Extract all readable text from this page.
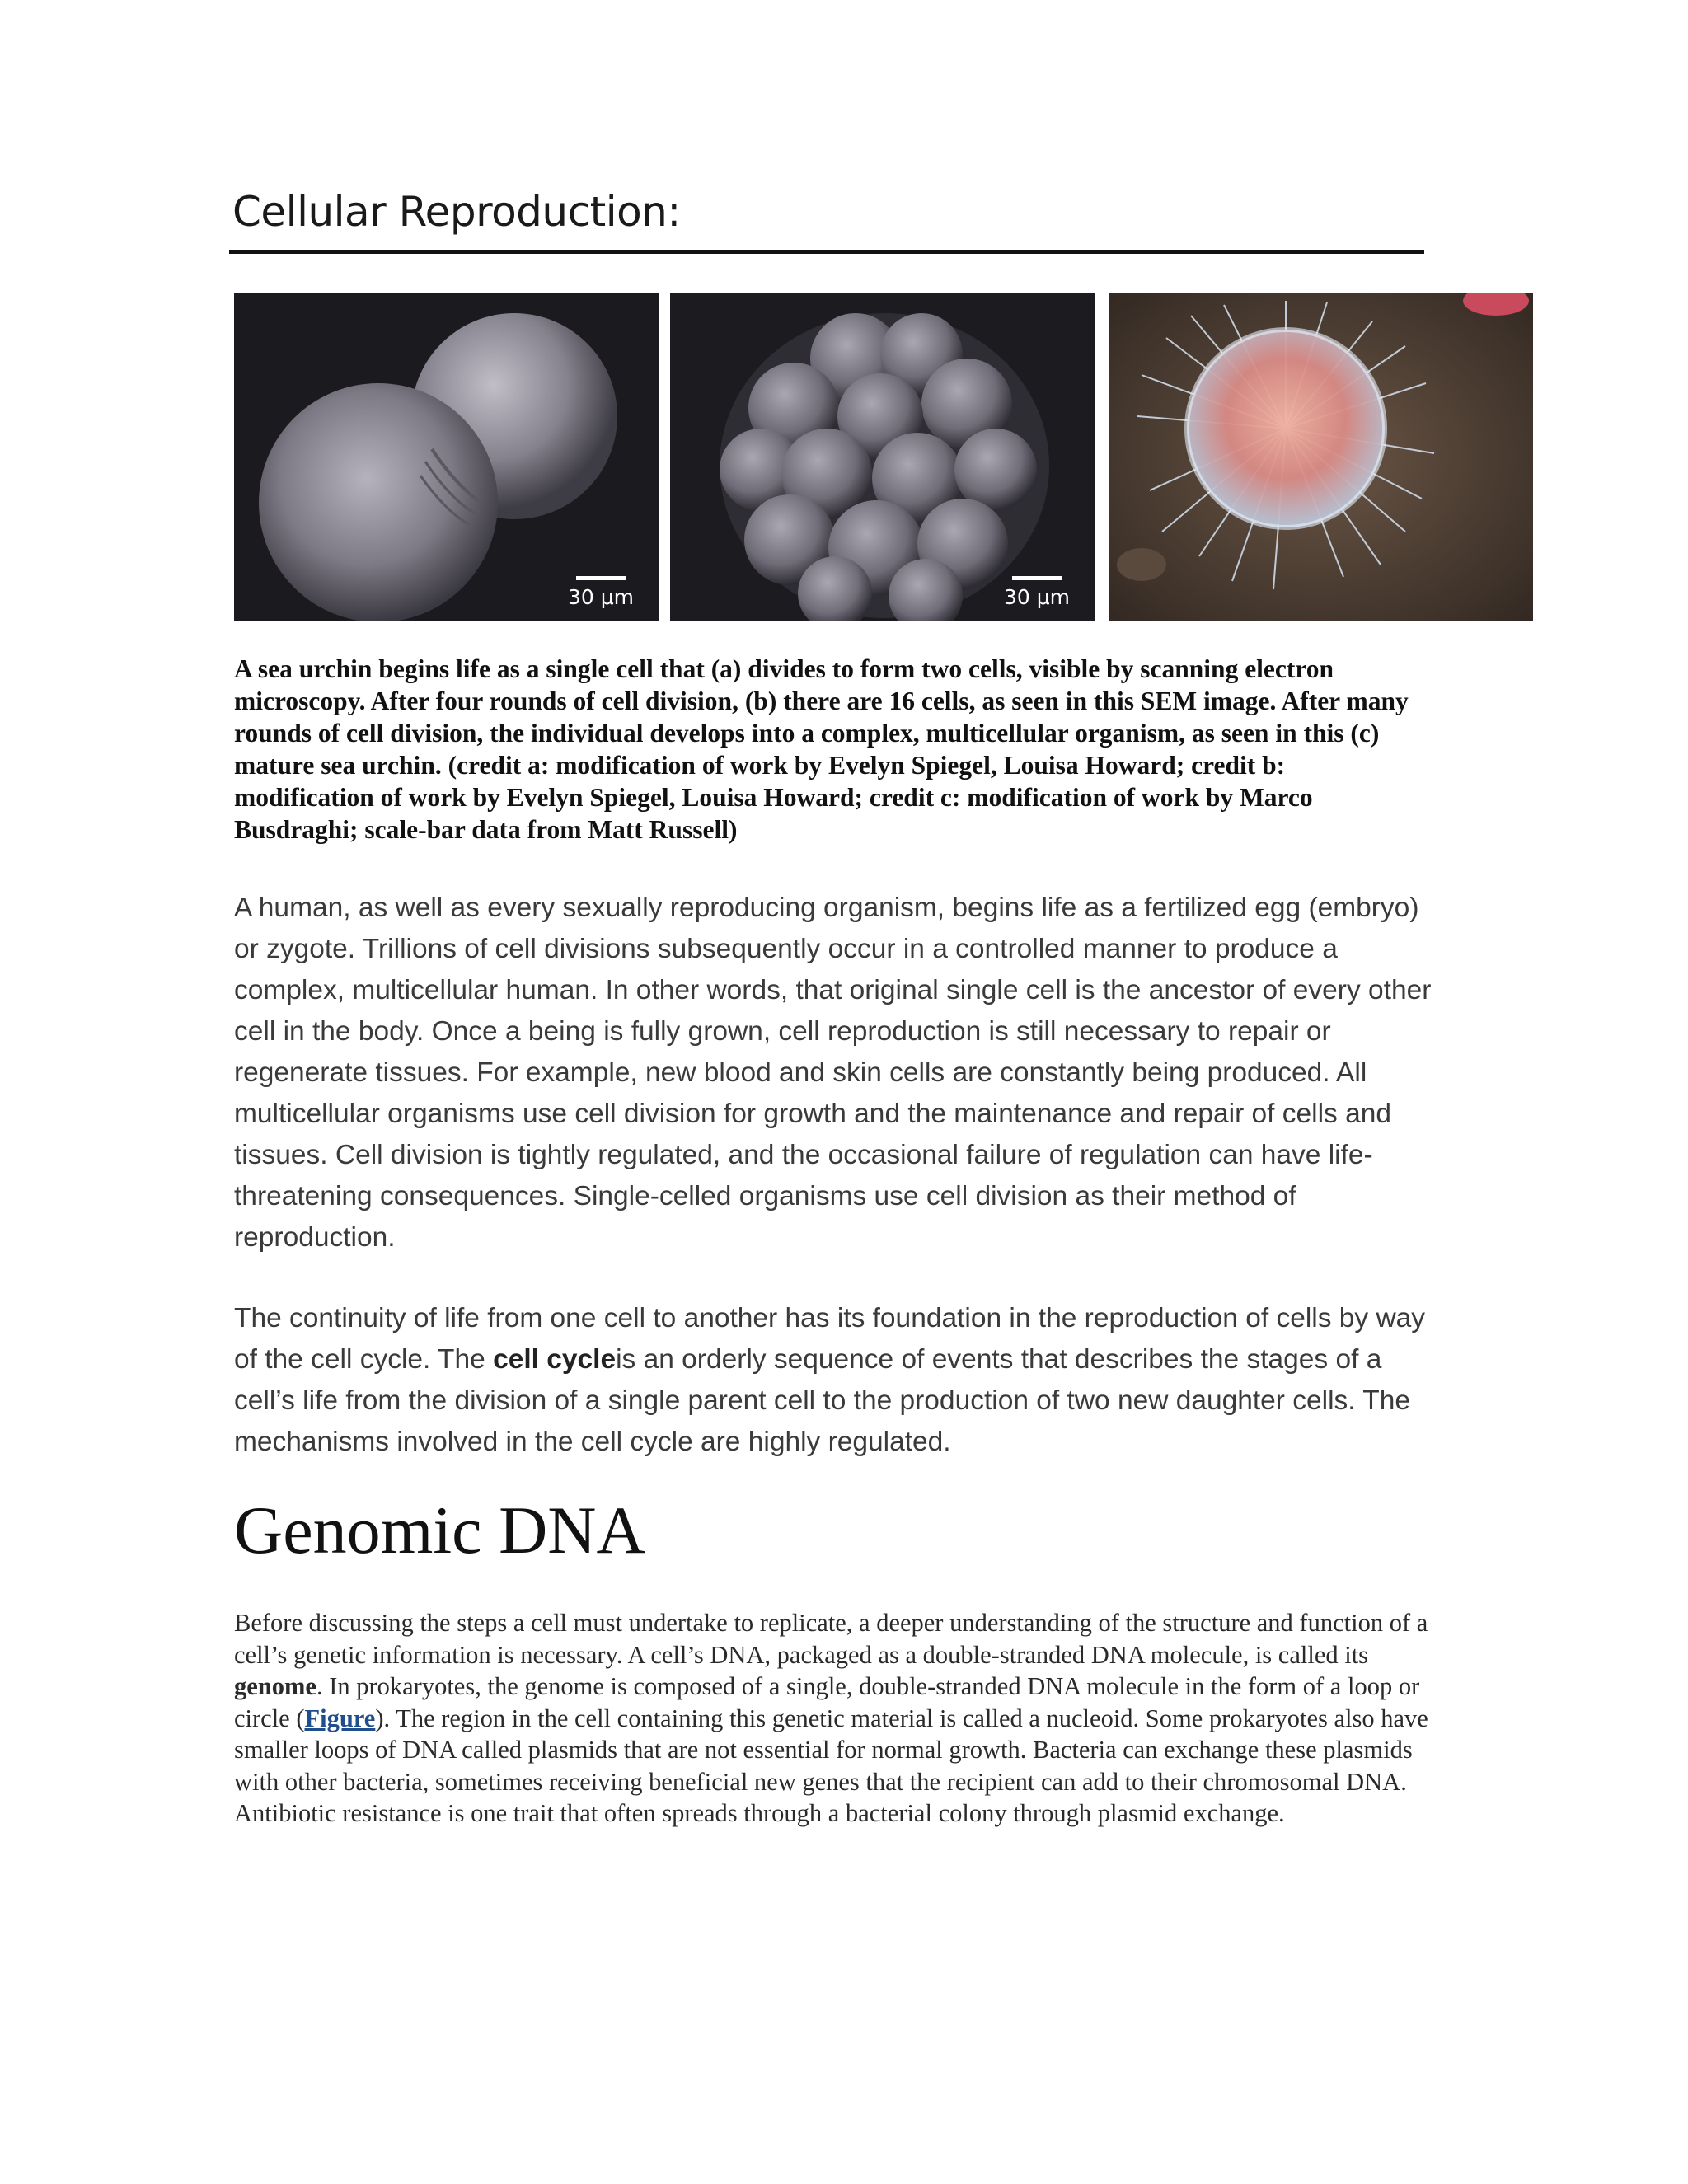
Cellular Reproduction:
30 μm	30 μm

A sea urchin begins life as a single cell that (a) divides to form two cells, visible by scanning electron microscopy. After four rounds of cell division, (b) there are 16 cells, as seen in this SEM image. After many rounds of cell division, the individual develops into a complex, multicellular organism, as seen in this (c) mature sea urchin. (credit a: modification of work by Evelyn Spiegel, Louisa Howard; credit b: modification of work by Evelyn Spiegel, Louisa Howard; credit c: modification of work by Marco Busdraghi; scale-bar data from Matt Russell)

A human, as well as every sexually reproducing organism, begins life as a fertilized egg (embryo) or zygote. Trillions of cell divisions subsequently occur in a controlled manner to produce a complex, multicellular human. In other words, that original single cell is the ancestor of every other cell in the body. Once a being is fully grown, cell reproduction is still necessary to repair or regenerate tissues. For example, new blood and skin cells are constantly being produced. All multicellular organisms use cell division for growth and the maintenance and repair of cells and tissues. Cell division is tightly regulated, and the occasional failure of regulation can have life-threatening consequences. Single-celled organisms use cell division as their method of reproduction.

The continuity of life from one cell to another has its foundation in the reproduction of cells by way of the cell cycle. The cell cycleis an orderly sequence of events that describes the stages of a cell’s life from the division of a single parent cell to the production of two new daughter cells. The mechanisms involved in the cell cycle are highly regulated.

Genomic DNA

Before discussing the steps a cell must undertake to replicate, a deeper understanding of the structure and function of a cell’s genetic information is necessary. A cell’s DNA, packaged as a double-stranded DNA molecule, is called its genome. In prokaryotes, the genome is composed of a single, double-stranded DNA molecule in the form of a loop or circle (Figure). The region in the cell containing this genetic material is called a nucleoid. Some prokaryotes also have smaller loops of DNA called plasmids that are not essential for normal growth. Bacteria can exchange these plasmids with other bacteria, sometimes receiving beneficial new genes that the recipient can add to their chromosomal DNA. Antibiotic resistance is one trait that often spreads through a bacterial colony through plasmid exchange.
